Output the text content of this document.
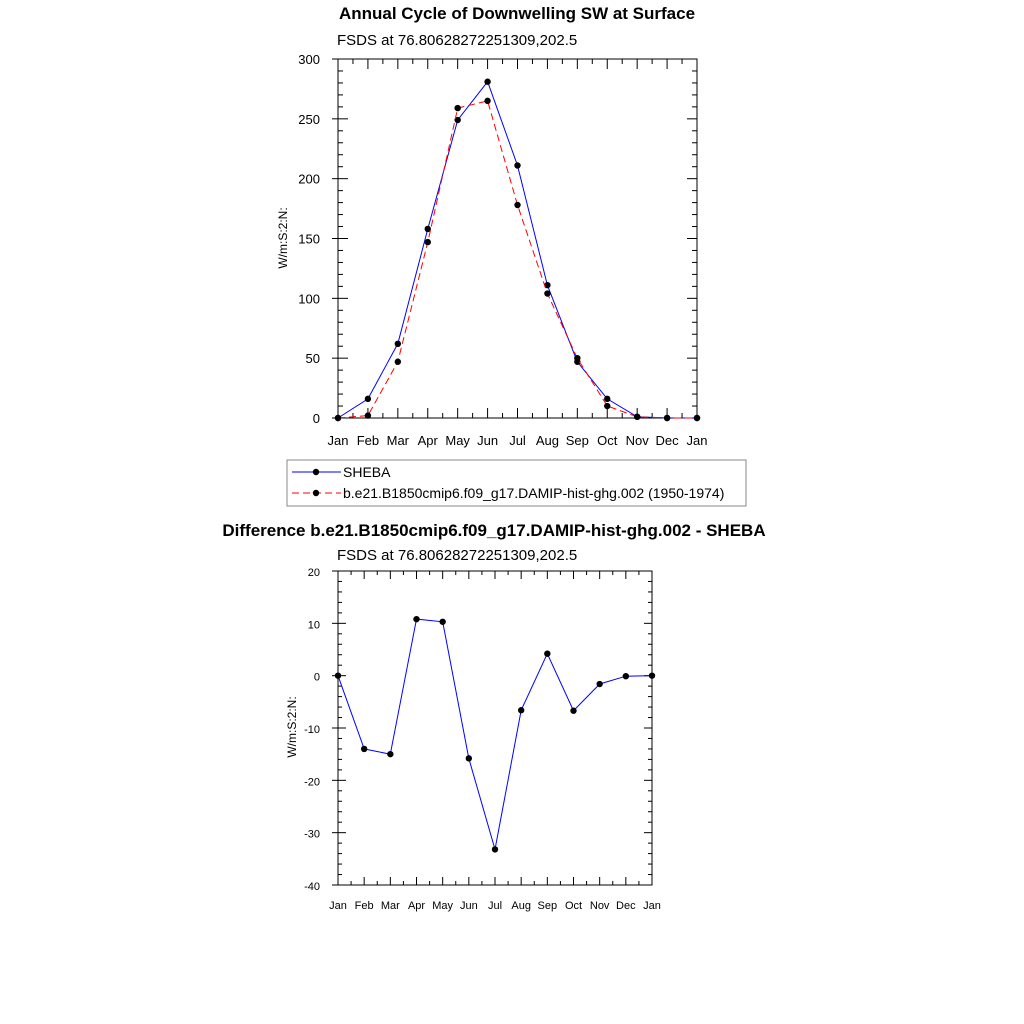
Annual Cycle of Downwelling SW at Surface
FSDS at 76.80628272251309,202.5
W/m:S:2:N:
Jan Feb Mar Apr May Jun Jul Aug Sep Oct Nov Dec Jan
0
50
100
150
200
250
300
SHEBA
b.e21.B1850cmip6.f09_g17.DAMIP-hist-ghg.002 (1950-1974)
Difference b.e21.B1850cmip6.f09_g17.DAMIP-hist-ghg.002 - SHEBA
FSDS at 76.80628272251309,202.5
W/m:S:2:N:
Jan Feb Mar Apr May Jun Jul Aug Sep Oct Nov Dec Jan
-40
-30
-20
-10
0
10
20
